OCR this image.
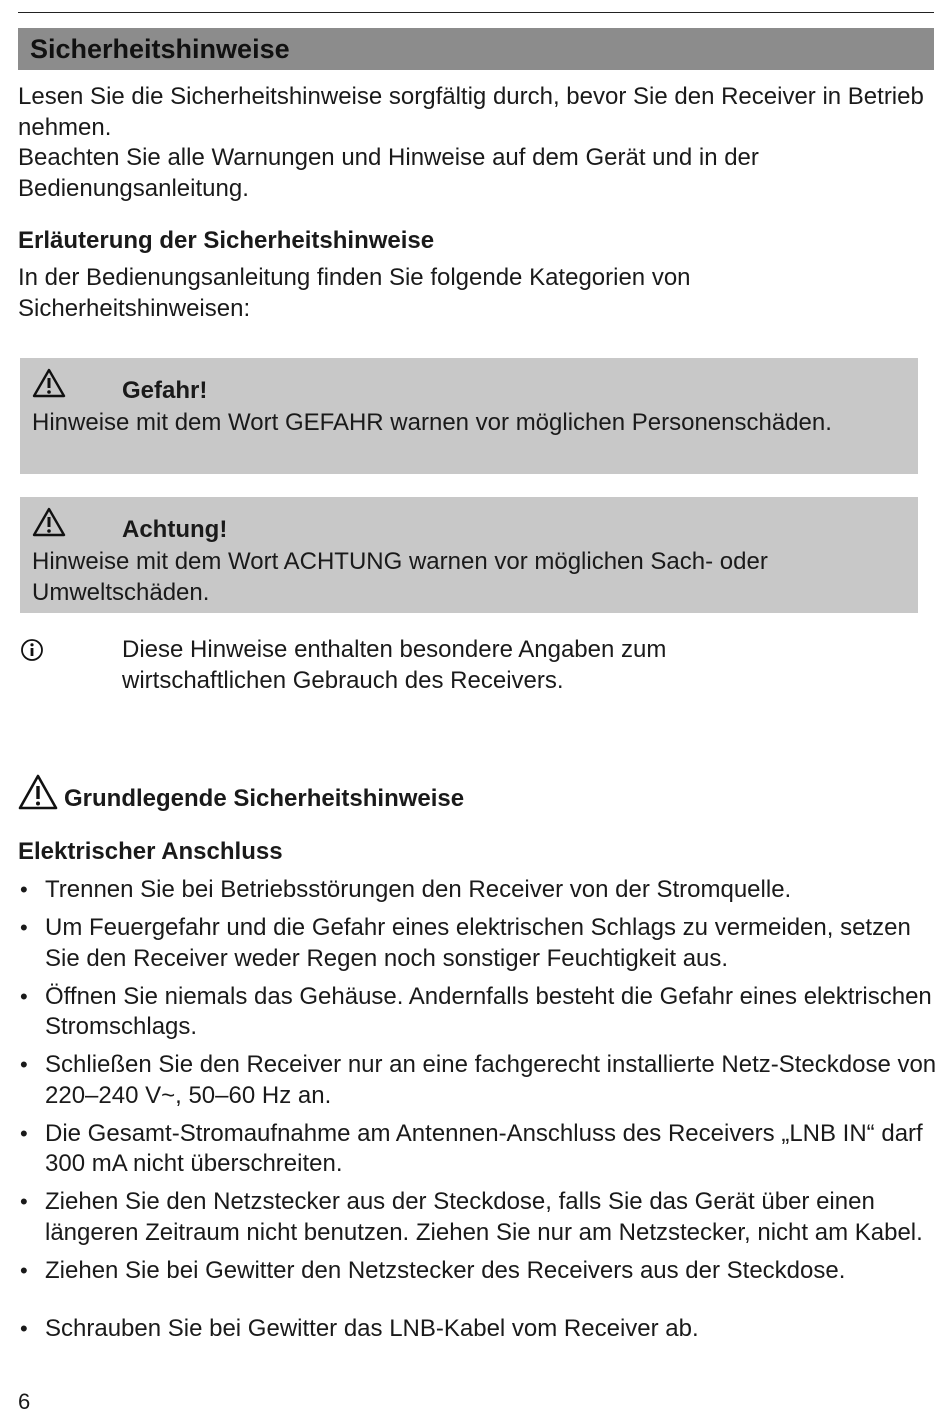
Sicherheitshinweise

Lesen Sie die Sicherheitshinweise sorgfältig durch, bevor Sie den Receiver in Betrieb nehmen.

Beachten Sie alle Warnungen und Hinweise auf dem Gerät und in der Bedienungsanleitung.

Erläuterung der Sicherheitshinweise

In der Bedienungsanleitung finden Sie folgende Kategorien von Sicherheitshinweisen:

Gefahr!
Hinweise mit dem Wort GEFAHR warnen vor möglichen Personenschäden.
Achtung!
Hinweise mit dem Wort ACHTUNG warnen vor möglichen Sach- oder Umweltschäden.
Diese Hinweise enthalten besondere Angaben zum wirtschaftlichen Gebrauch des Receivers.
Grundlegende Sicherheitshinweise
Elektrischer Anschluss
• Trennen Sie bei Betriebsstörungen den Receiver von der Stromquelle.
• Um Feuergefahr und die Gefahr eines elektrischen Schlags zu vermeiden, setzen Sie den Receiver weder Regen noch sonstiger Feuchtigkeit aus.
• Öffnen Sie niemals das Gehäuse. Andernfalls besteht die Gefahr eines elektrischen Stromschlags.
• Schließen Sie den Receiver nur an eine fachgerecht installierte Netz-Steckdose von 220–240 V~, 50–60 Hz an.
• Die Gesamt-Stromaufnahme am Antennen-Anschluss des Receivers „LNB IN“ darf 300 mA nicht überschreiten.
• Ziehen Sie den Netzstecker aus der Steckdose, falls Sie das Gerät über einen längeren Zeitraum nicht benutzen. Ziehen Sie nur am Netzstecker, nicht am Kabel.
• Ziehen Sie bei Gewitter den Netzstecker des Receivers aus der Steckdose.
• Schrauben Sie bei Gewitter das LNB-Kabel vom Receiver ab.
6
